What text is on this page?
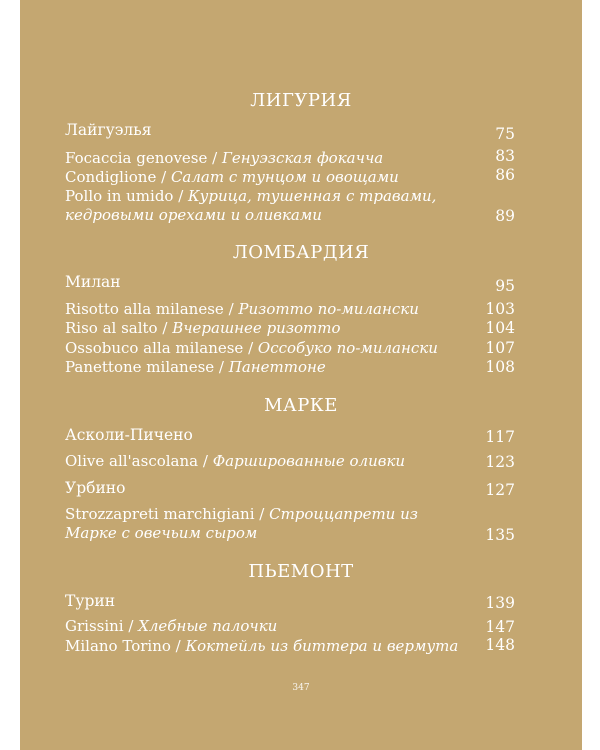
ЛИГУРИЯ
Лайгуэлья	75
Focaccia genovese / Генуэзская фокачча	83
Condiglione / Салат с тунцом и овощами	86
Pollo in umido / Курица, тушенная с травами, кедровыми орехами и оливками	89
ЛОМБАРДИЯ
Милан	95
Risotto alla milanese / Ризотто по-милански	103
Riso al salto / Вчерашнее ризотто	104
Ossobuco alla milanese / Оссобуко по-милански	107
Panettone milanese / Панеттоне	108
МАРКЕ
Асколи-Пичено	117
Olive all'ascolana / Фаршированные оливки	123
Урбино	127
Strozzapreti marchigiani / Строццапрети из Марке с овечьим сыром	135
ПЬЕМОНТ
Турин	139
Grissini / Хлебные палочки	147
Milano Torino / Коктейль из биттера и вермута	148
347
